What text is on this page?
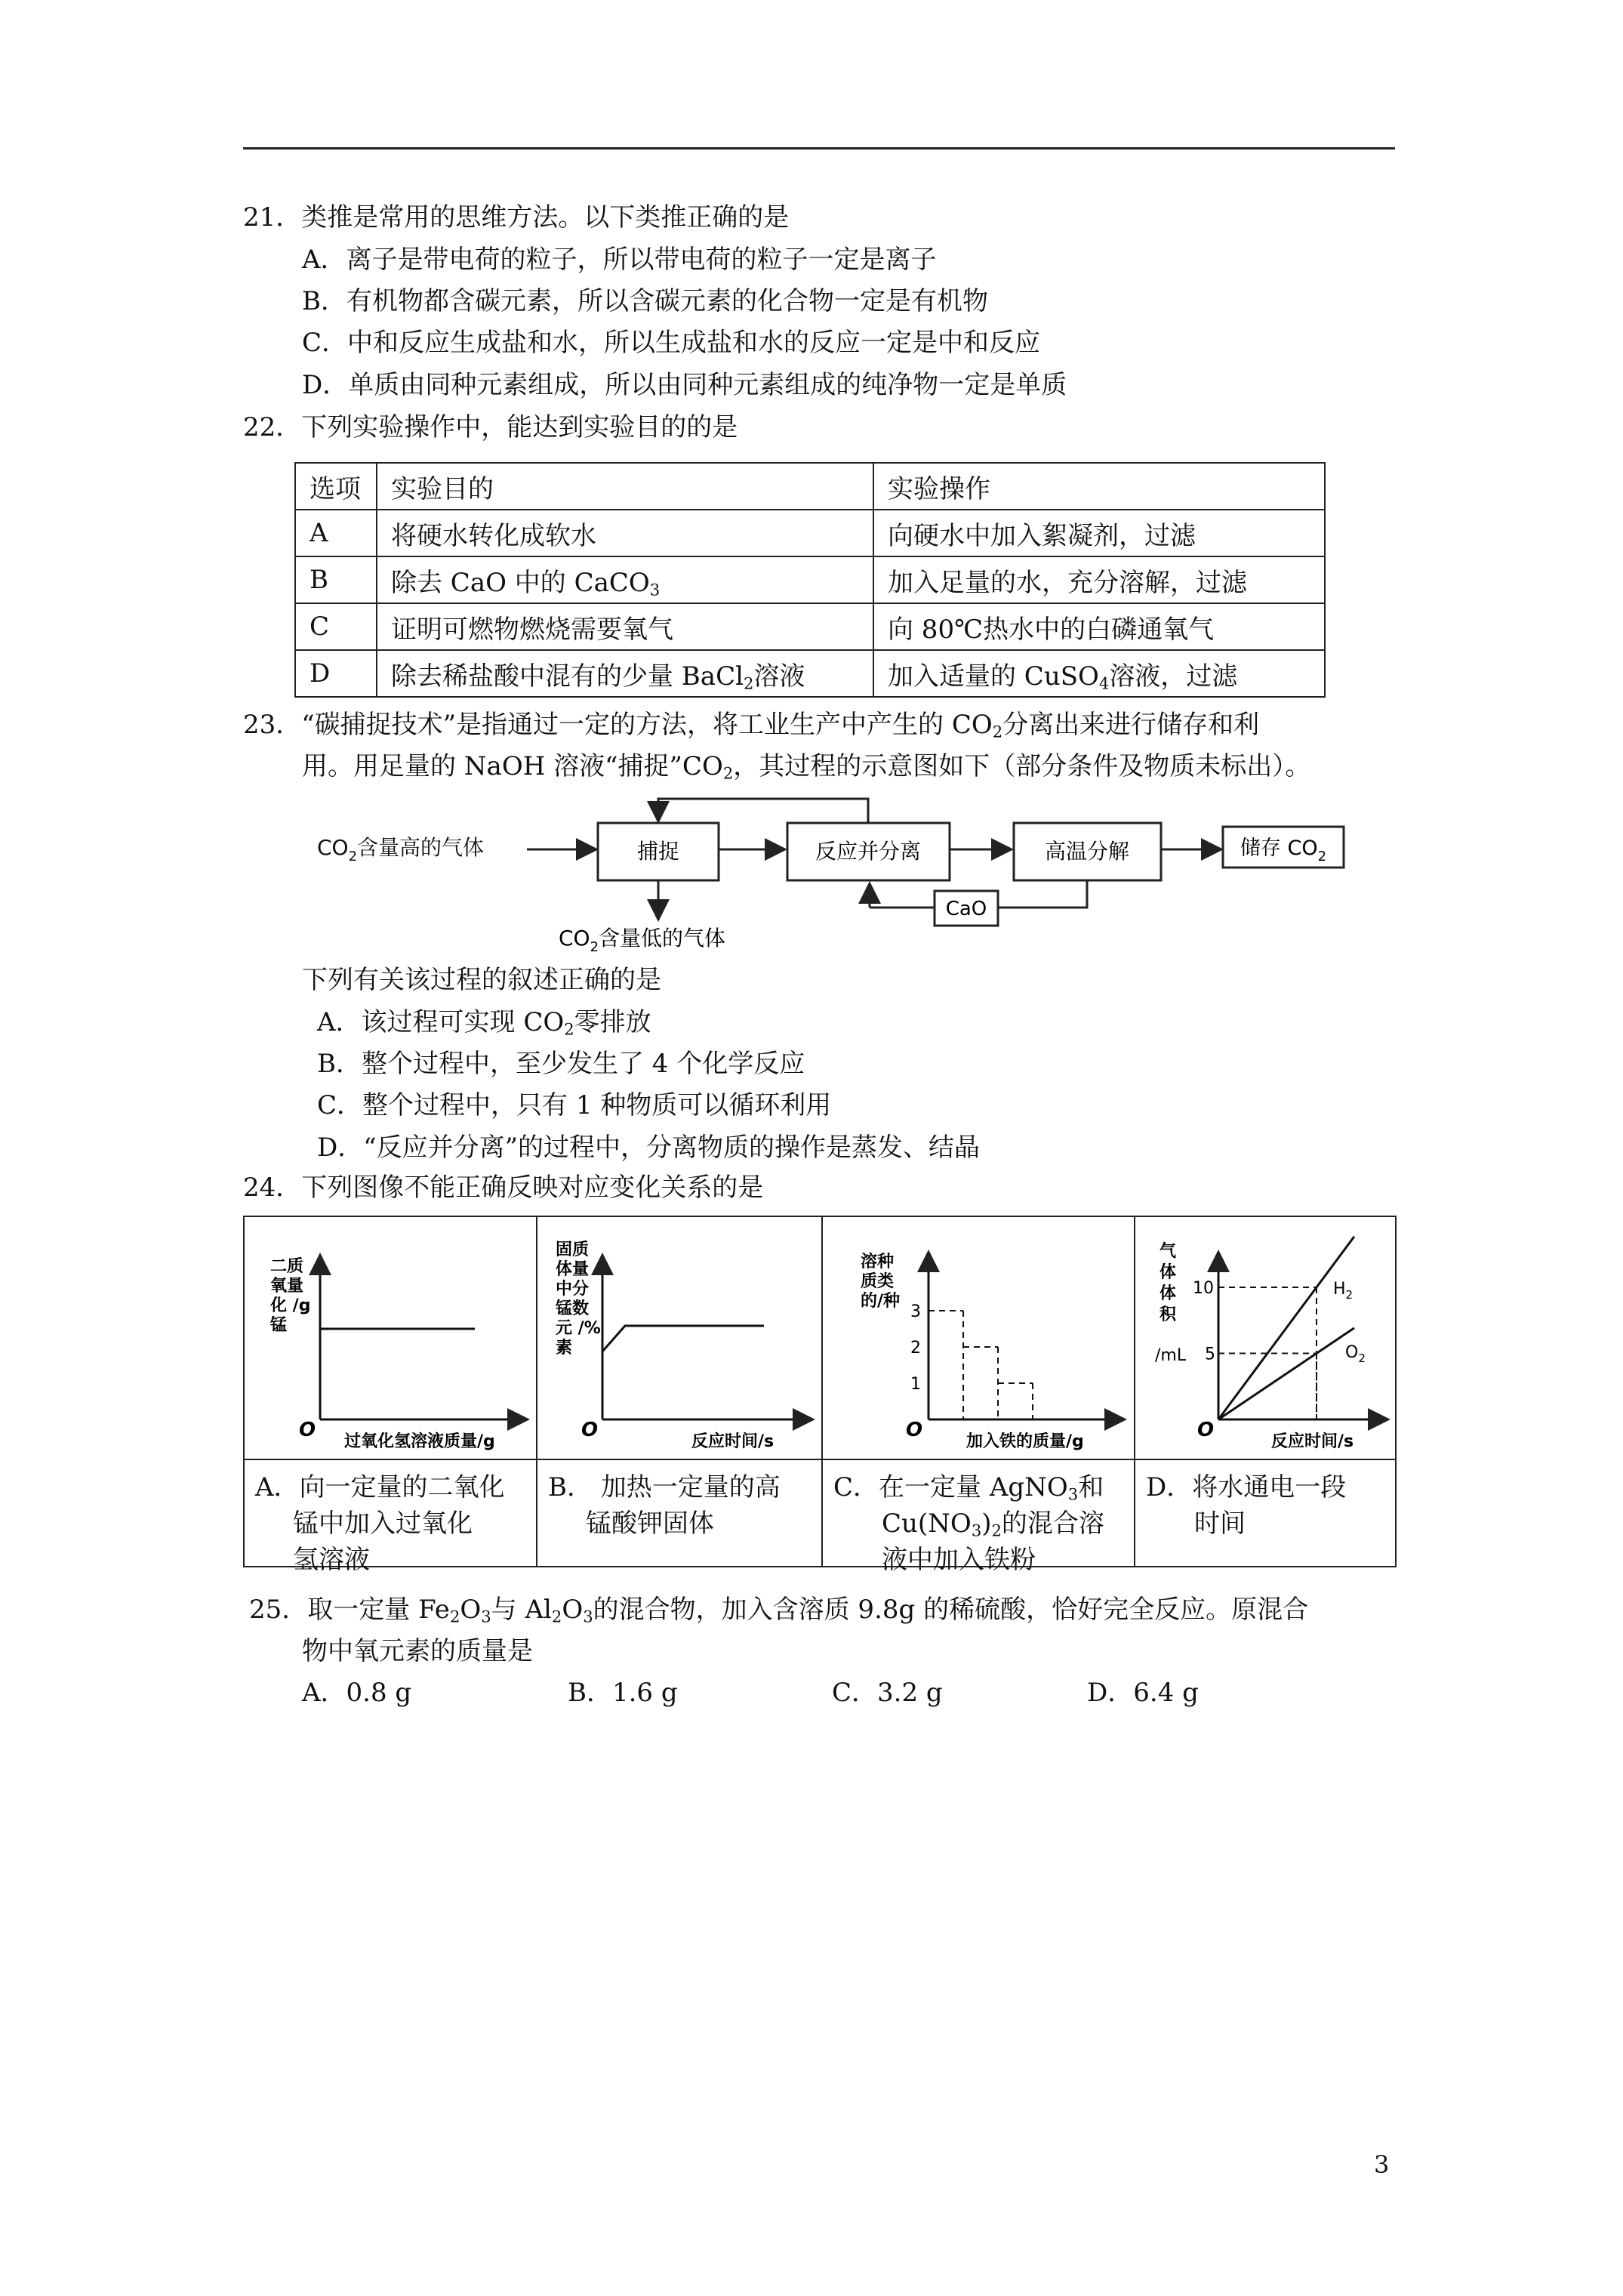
21．类推是常用的思维方法。以下类推正确的是
A．离子是带电荷的粒子，所以带电荷的粒子一定是离子
B．有机物都含碳元素，所以含碳元素的化合物一定是有机物
C．中和反应生成盐和水，所以生成盐和水的反应一定是中和反应
D．单质由同种元素组成，所以由同种元素组成的纯净物一定是单质
22．下列实验操作中，能达到实验目的的是
选项	实验目的	实验操作
A	将硬水转化成软水	向硬水中加入絮凝剂，过滤
B	除去 CaO 中的 CaCO$_3$	加入足量的水，充分溶解，过滤
C	证明可燃物燃烧需要氧气	向 80℃热水中的白磷通氧气
D	除去稀盐酸中混有的少量 BaCl$_2$溶液	加入适量的 CuSO$_4$溶液，过滤
23．“碳捕捉技术”是指通过一定的方法，将工业生产中产生的 $CO_2$分离出来进行储存和利
用。用足量的 NaOH 溶液“捕捉$”CO_2$，其过程的示意图如下（部分条件及物质未标出）。
$CO_2$含量高的气体	捕捉	反应并分离	高温分解	储存 $CO_2$
CaO
$CO_2$含量低的气体
下列有关该过程的叙述正确的是
A．该过程可实现 $CO_2$零排放
B．整个过程中，至少发生了 4 个化学反应
C．整个过程中，只有 1 种物质可以循环利用
D．“反应并分离”的过程中，分离物质的操作是蒸发、结晶
24．下列图像不能正确反映对应变化关系的是
二质
氧量
化 /g
锰
O
过氧化氢溶液质量/g
A．向一定量的二氧化
锰中加入过氧化
氢溶液
固质
体量
中分
锰数
元 /%
素
O
反应时间/s
B． 加热一定量的高
锰酸钾固体
溶种
质类
的/种
1
2
3
O
加入铁的质量/g
C．在一定量 AgNO$_3$和
$Cu(NO_3)_2$的混合溶
液中加入铁粉
气
体
体
积
/mL
10
5
$H_2$
$O_2$
O
反应时间/s
D．将水通电一段
时间
25．取一定量 $Fe_2O_3$与 $Al_2O_3$的混合物，加入含溶质 9.8g 的稀硫酸，恰好完全反应。原混合
物中氧元素的质量是
A．0.8 g	B．1.6 g	C．3.2 g	D．6.4 g
3
